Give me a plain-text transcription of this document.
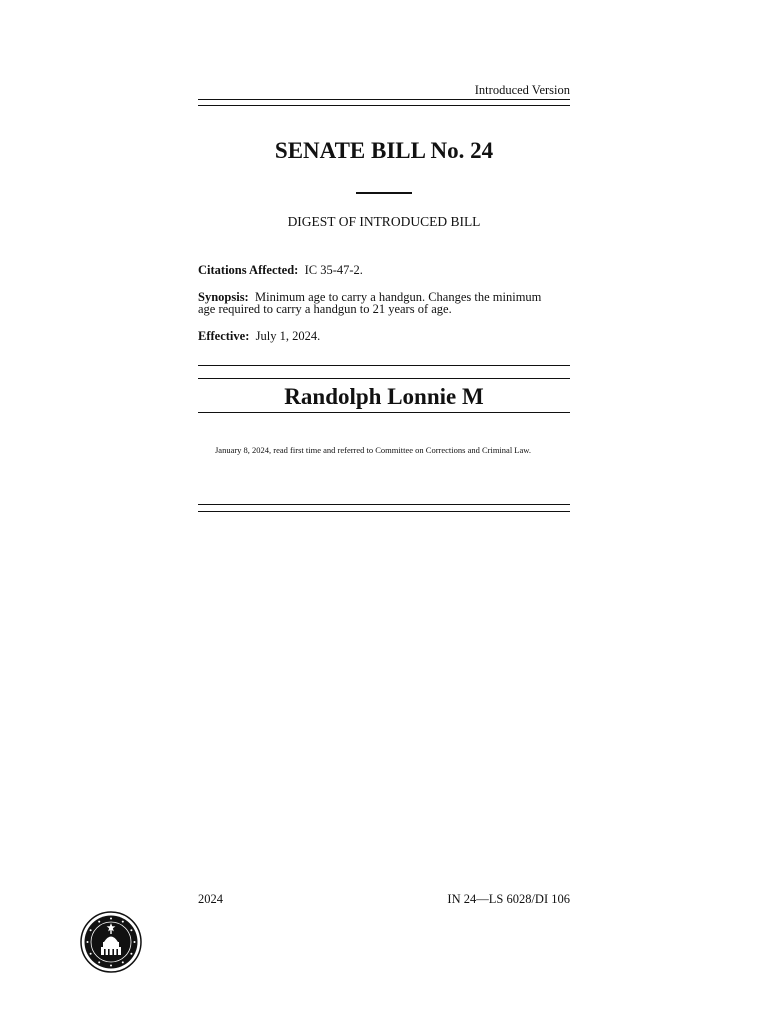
Introduced Version
SENATE BILL No. 24
DIGEST OF INTRODUCED BILL
Citations Affected: IC 35-47-2.
Synopsis: Minimum age to carry a handgun. Changes the minimum
age required to carry a handgun to 21 years of age.
Effective: July 1, 2024.
Randolph Lonnie M
January 8, 2024, read first time and referred to Committee on Corrections and Criminal Law.
2024	IN 24—LS 6028/DI 106
